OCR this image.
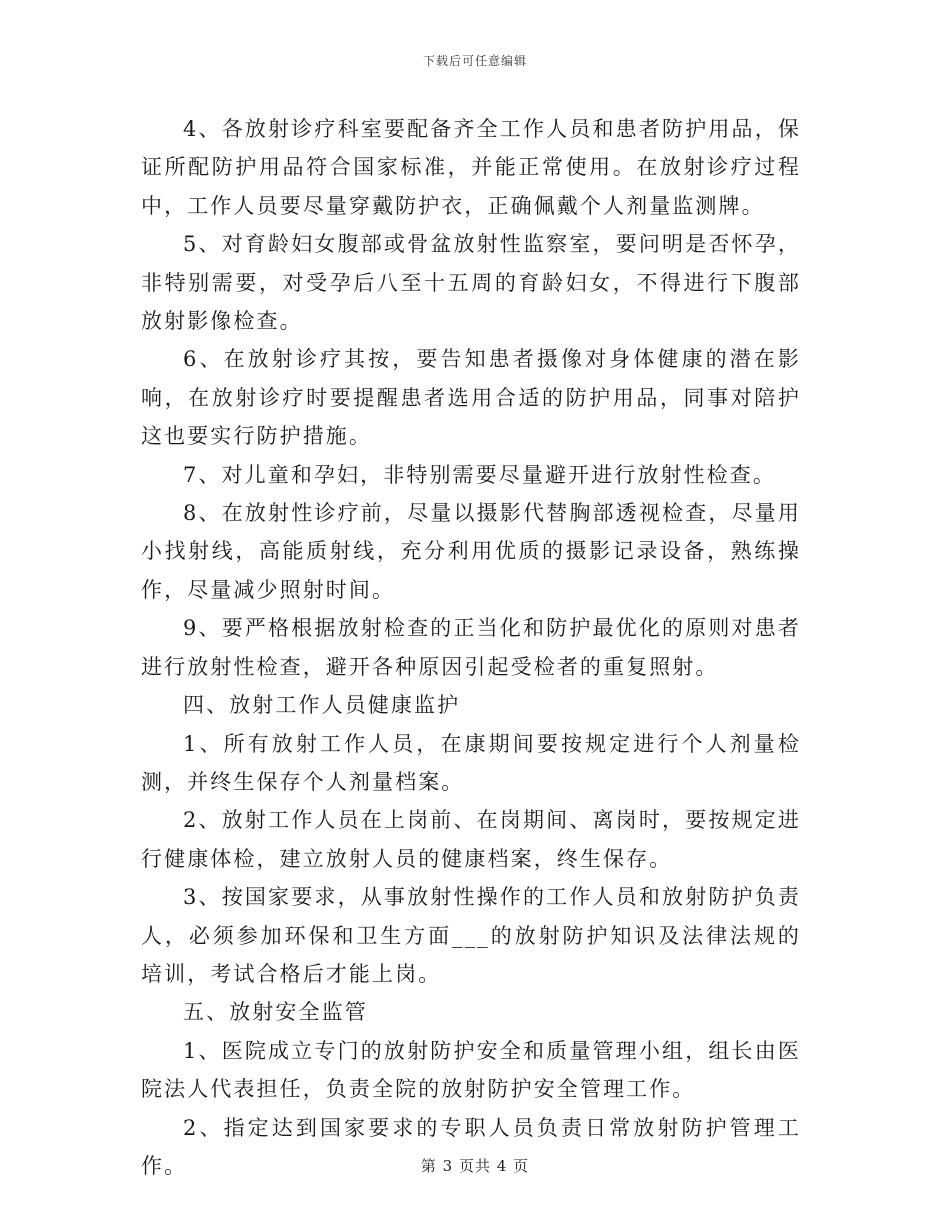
下载后可任意编辑

4、各放射诊疗科室要配备齐全工作人员和患者防护用品，保证所配防护用品符合国家标准，并能正常使用。在放射诊疗过程中，工作人员要尽量穿戴防护衣，正确佩戴个人剂量监测牌。

5、对育龄妇女腹部或骨盆放射性监察室，要问明是否怀孕，非特别需要，对受孕后八至十五周的育龄妇女，不得进行下腹部放射影像检查。

6、在放射诊疗其按，要告知患者摄像对身体健康的潜在影响，在放射诊疗时要提醒患者选用合适的防护用品，同事对陪护这也要实行防护措施。

7、对儿童和孕妇，非特别需要尽量避开进行放射性检查。

8、在放射性诊疗前，尽量以摄影代替胸部透视检查，尽量用小找射线，高能质射线，充分利用优质的摄影记录设备，熟练操作，尽量减少照射时间。

9、要严格根据放射检查的正当化和防护最优化的原则对患者进行放射性检查，避开各种原因引起受检者的重复照射。

四、放射工作人员健康监护

1、所有放射工作人员，在康期间要按规定进行个人剂量检测，并终生保存个人剂量档案。

2、放射工作人员在上岗前、在岗期间、离岗时，要按规定进行健康体检，建立放射人员的健康档案，终生保存。

3、按国家要求，从事放射性操作的工作人员和放射防护负责人，必须参加环保和卫生方面___的放射防护知识及法律法规的培训，考试合格后才能上岗。

五、放射安全监管

1、医院成立专门的放射防护安全和质量管理小组，组长由医院法人代表担任，负责全院的放射防护安全管理工作。

2、指定达到国家要求的专职人员负责日常放射防护管理工作。	第 3 页共 4 页
